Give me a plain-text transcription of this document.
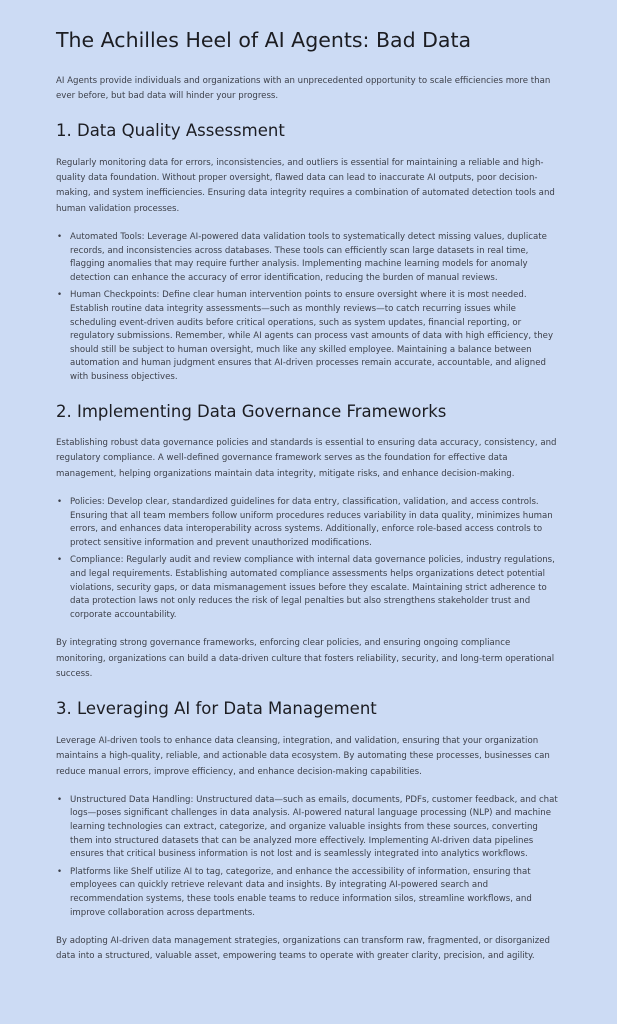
The Achilles Heel of AI Agents: Bad Data

AI Agents provide individuals and organizations with an unprecedented opportunity to scale efficiencies more than ever before, but bad data will hinder your progress.

1. Data Quality Assessment

Regularly monitoring data for errors, inconsistencies, and outliers is essential for maintaining a reliable and high-quality data foundation. Without proper oversight, flawed data can lead to inaccurate AI outputs, poor decision-making, and system inefficiencies. Ensuring data integrity requires a combination of automated detection tools and human validation processes.

• Automated Tools: Leverage AI-powered data validation tools to systematically detect missing values, duplicate records, and inconsistencies across databases. These tools can efficiently scan large datasets in real time, flagging anomalies that may require further analysis. Implementing machine learning models for anomaly detection can enhance the accuracy of error identification, reducing the burden of manual reviews.
• Human Checkpoints: Define clear human intervention points to ensure oversight where it is most needed. Establish routine data integrity assessments—such as monthly reviews—to catch recurring issues while scheduling event-driven audits before critical operations, such as system updates, financial reporting, or regulatory submissions. Remember, while AI agents can process vast amounts of data with high efficiency, they should still be subject to human oversight, much like any skilled employee. Maintaining a balance between automation and human judgment ensures that AI-driven processes remain accurate, accountable, and aligned with business objectives.
2. Implementing Data Governance Frameworks

Establishing robust data governance policies and standards is essential to ensuring data accuracy, consistency, and regulatory compliance. A well-defined governance framework serves as the foundation for effective data management, helping organizations maintain data integrity, mitigate risks, and enhance decision-making.

• Policies: Develop clear, standardized guidelines for data entry, classification, validation, and access controls. Ensuring that all team members follow uniform procedures reduces variability in data quality, minimizes human errors, and enhances data interoperability across systems. Additionally, enforce role-based access controls to protect sensitive information and prevent unauthorized modifications.
• Compliance: Regularly audit and review compliance with internal data governance policies, industry regulations, and legal requirements. Establishing automated compliance assessments helps organizations detect potential violations, security gaps, or data mismanagement issues before they escalate. Maintaining strict adherence to data protection laws not only reduces the risk of legal penalties but also strengthens stakeholder trust and corporate accountability.

By integrating strong governance frameworks, enforcing clear policies, and ensuring ongoing compliance monitoring, organizations can build a data-driven culture that fosters reliability, security, and long-term operational success.

3. Leveraging AI for Data Management

Leverage AI-driven tools to enhance data cleansing, integration, and validation, ensuring that your organization maintains a high-quality, reliable, and actionable data ecosystem. By automating these processes, businesses can reduce manual errors, improve efficiency, and enhance decision-making capabilities.

• Unstructured Data Handling: Unstructured data—such as emails, documents, PDFs, customer feedback, and chat logs—poses significant challenges in data analysis. AI-powered natural language processing (NLP) and machine learning technologies can extract, categorize, and organize valuable insights from these sources, converting them into structured datasets that can be analyzed more effectively. Implementing AI-driven data pipelines ensures that critical business information is not lost and is seamlessly integrated into analytics workflows.
• Platforms like Shelf utilize AI to tag, categorize, and enhance the accessibility of information, ensuring that employees can quickly retrieve relevant data and insights. By integrating AI-powered search and recommendation systems, these tools enable teams to reduce information silos, streamline workflows, and improve collaboration across departments.

By adopting AI-driven data management strategies, organizations can transform raw, fragmented, or disorganized data into a structured, valuable asset, empowering teams to operate with greater clarity, precision, and agility.
